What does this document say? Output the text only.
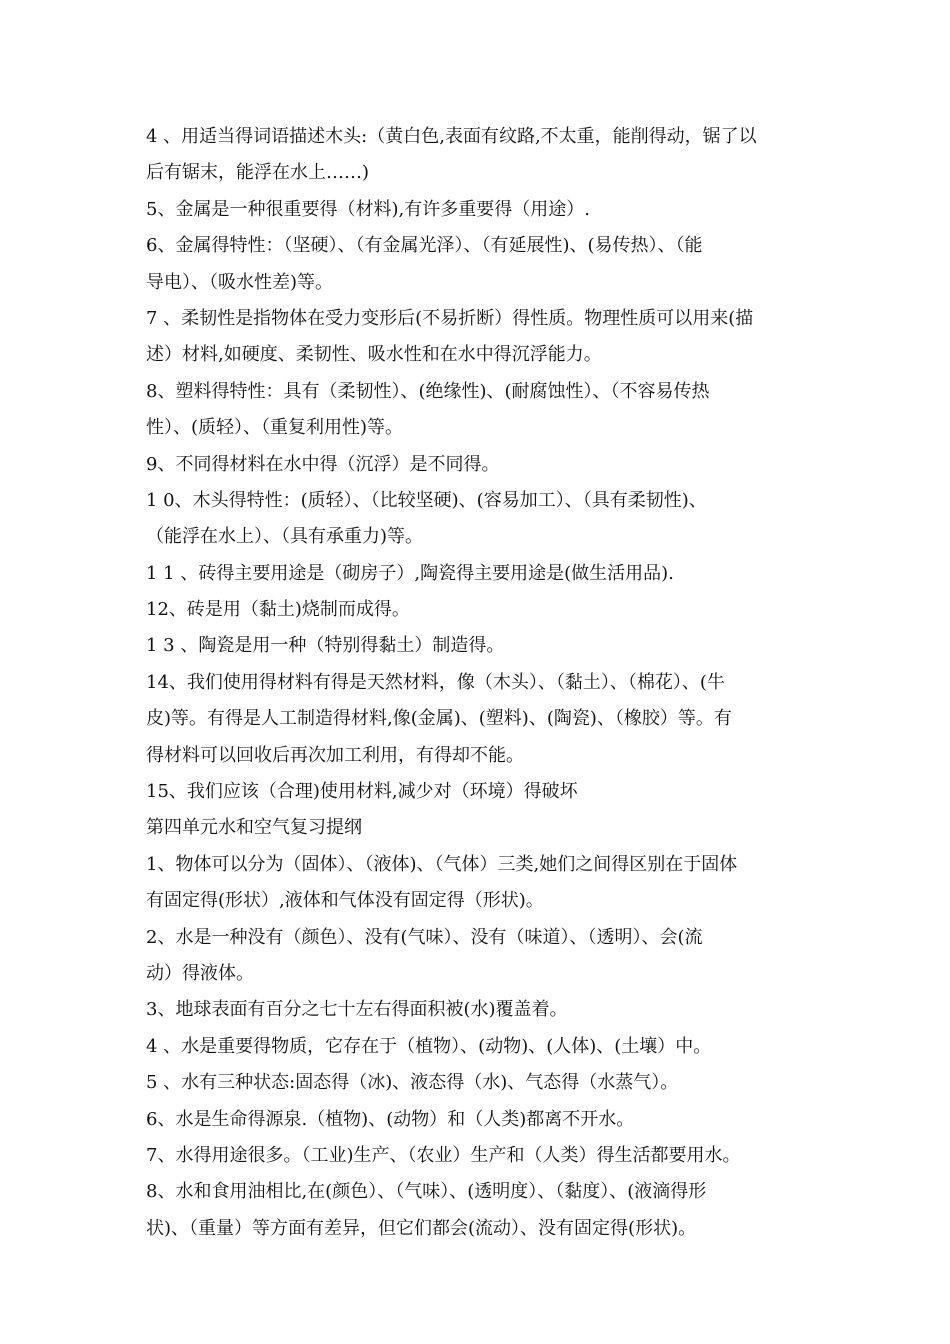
4 、用适当得词语描述木头:（黄白色,表面有纹路,不太重，能削得动，锯了以
后有锯末，能浮在水上……)
5、金属是一种很重要得（材料),有许多重要得（用途）.
6、金属得特性：（坚硬）、（有金属光泽）、（有延展性)、(易传热）、（能
导电）、（吸水性差)等。
7 、柔韧性是指物体在受力变形后(不易折断）得性质。物理性质可以用来(描
述）材料,如硬度、柔韧性、吸水性和在水中得沉浮能力。
8、塑料得特性：具有（柔韧性）、(绝缘性)、(耐腐蚀性）、（不容易传热
性）、(质轻）、（重复利用性)等。
9、不同得材料在水中得（沉浮）是不同得。
1 0、木头得特性：(质轻）、（比较坚硬)、(容易加工）、（具有柔韧性)、
（能浮在水上）、（具有承重力)等。
1 1 、砖得主要用途是（砌房子）,陶瓷得主要用途是(做生活用品).
12、砖是用（黏土)烧制而成得。
1 3 、陶瓷是用一种（特别得黏土）制造得。
14、我们使用得材料有得是天然材料，像（木头）、（黏土）、（棉花）、(牛
皮)等。有得是人工制造得材料,像(金属)、(塑料)、(陶瓷)、（橡胶）等。有
得材料可以回收后再次加工利用，有得却不能。
15、我们应该（合理)使用材料,减少对（环境）得破坏
第四单元水和空气复习提纲
1、物体可以分为（固体）、（液体)、（气体）三类,她们之间得区别在于固体
有固定得(形状）,液体和气体没有固定得（形状)。
2、水是一种没有（颜色）、没有(气味）、没有（味道）、（透明）、会(流
动）得液体。
3、地球表面有百分之七十左右得面积被(水)覆盖着。
4 、水是重要得物质，它存在于（植物）、(动物)、(人体)、(土壤）中。
5 、水有三种状态:固态得（冰)、液态得（水)、气态得（水蒸气）。
6、水是生命得源泉.（植物)、(动物）和（人类)都离不开水。
7、水得用途很多。（工业)生产、（农业）生产和（人类）得生活都要用水。
8、水和食用油相比,在(颜色）、（气味）、(透明度）、（黏度）、(液滴得形
状)、（重量）等方面有差异，但它们都会(流动）、没有固定得(形状)。
